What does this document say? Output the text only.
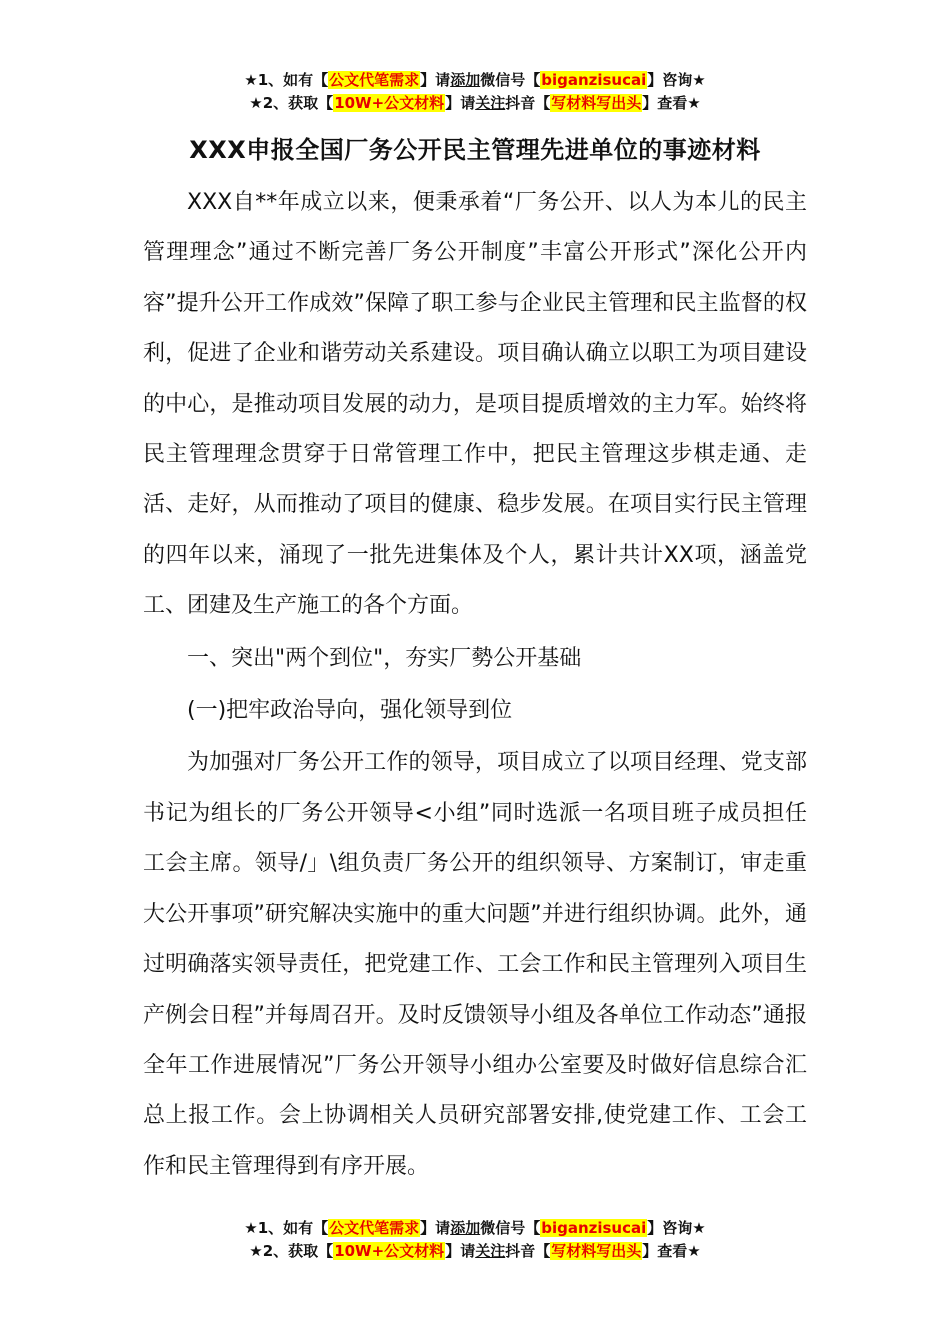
★1、如有【公文代笔需求】请添加微信号【biganzisucai】咨询★
★2、获取【10W+公文材料】请关注抖音【写材料写出头】查看★
XXX申报全国厂务公开民主管理先进单位的事迹材料

XXX自**年成立以来，便秉承着“厂务公开、以人为本儿的民主管理理念”通过不断完善厂务公开制度”丰富公开形式”深化公开内容”提升公开工作成效”保障了职工参与企业民主管理和民主监督的权利，促进了企业和谐劳动关系建设。项目确认确立以职工为项目建设的中心，是推动项目发展的动力，是项目提质增效的主力军。始终将民主管理理念贯穿于日常管理工作中，把民主管理这步棋走通、走活、走好，从而推动了项目的健康、稳步发展。在项目实行民主管理的四年以来，涌现了一批先进集体及个人，累计共计XX项，涵盖党工、团建及生产施工的各个方面。

一、突出"两个到位"，夯实厂勢公开基础

(一)把牢政治导向，强化领导到位

为加强对厂务公开工作的领导，项目成立了以项目经理、党支部书记为组长的厂务公开领导<小组”同时选派一名项目班子成员担任工会主席。领导/」\组负责厂务公开的组织领导、方案制订，审走重大公开事项”研究解决实施中的重大问题”并进行组织协调。此外，通过明确落实领导责任，把党建工作、工会工作和民主管理列入项目生产例会日程”并每周召开。及时反馈领导小组及各单位工作动态”通报全年工作进展情况”厂务公开领导小组办公室要及时做好信息综合汇总上报工作。会上协调相关人员研究部署安排,使党建工作、工会工作和民主管理得到有序开展。

★1、如有【公文代笔需求】请添加微信号【biganzisucai】咨询★
★2、获取【10W+公文材料】请关注抖音【写材料写出头】查看★
